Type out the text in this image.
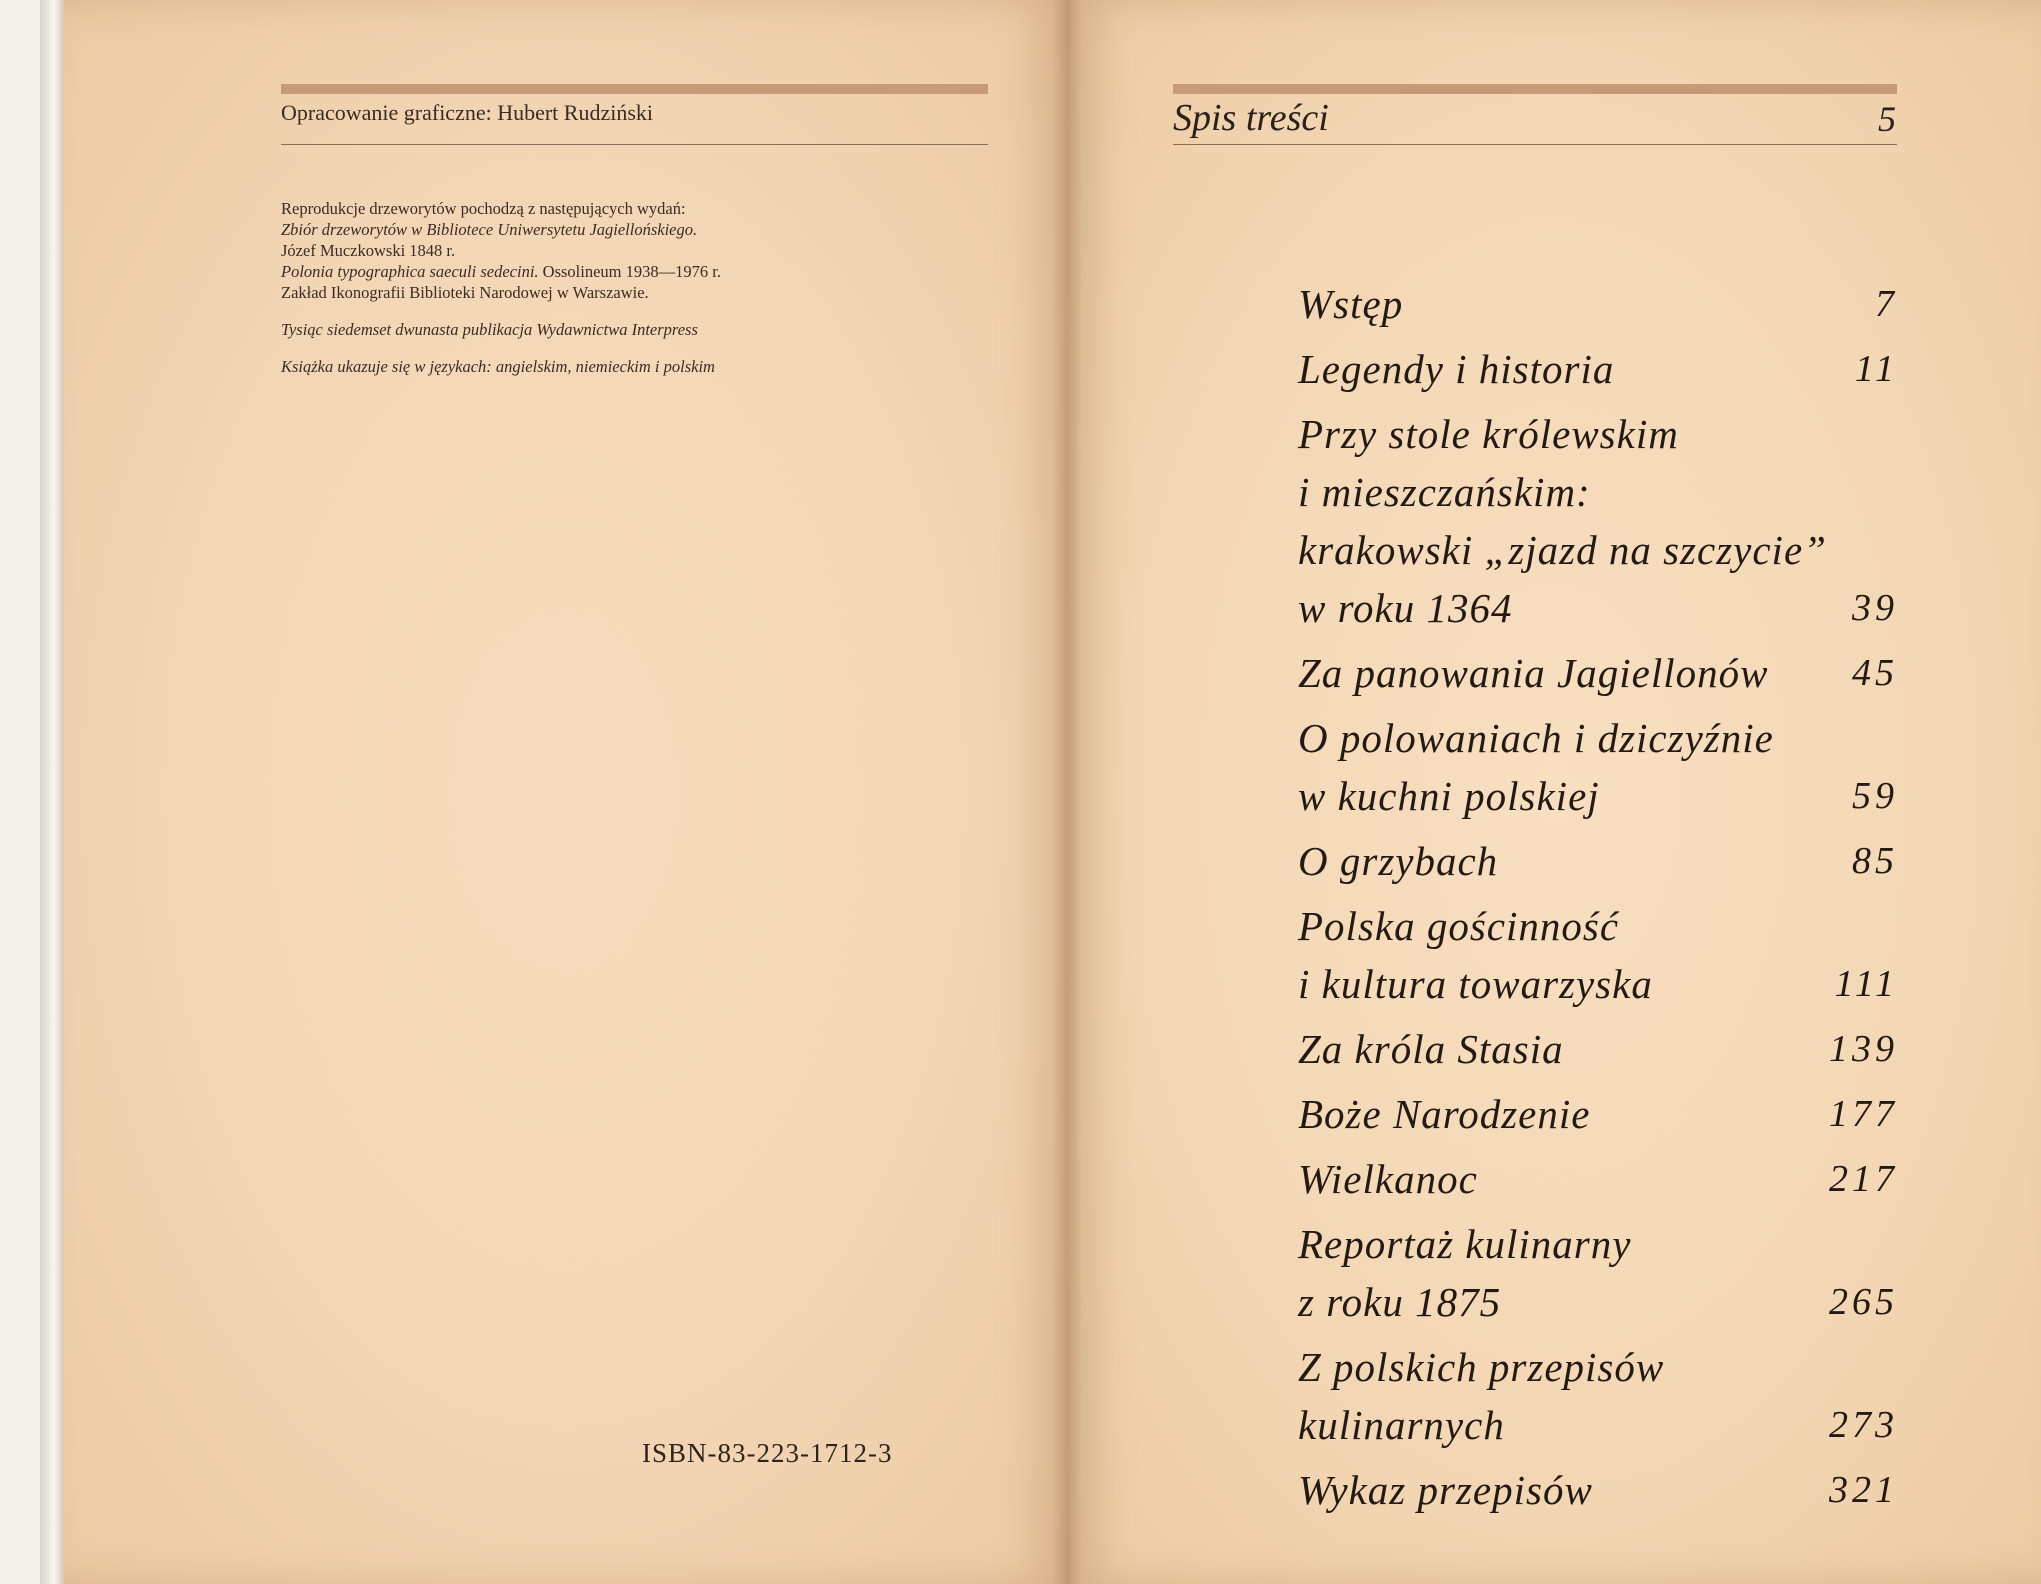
Opracowanie graficzne: Hubert Rudziński
Reprodukcje drzeworytów pochodzą z następujących wydań:
Zbiór drzeworytów w Bibliotece Uniwersytetu Jagiellońskiego.
Józef Muczkowski 1848 r.
Polonia typographica saeculi sedecini. Ossolineum 1938—1976 r.
Zakład Ikonografii Biblioteki Narodowej w Warszawie.
Tysiąc siedemset dwunasta publikacja Wydawnictwa Interpress
Książka ukazuje się w językach: angielskim, niemieckim i polskim
ISBN-83-223-1712-3
Spis treści	5
Wstęp	7
Legendy i historia	11
Przy stole królewskim
i mieszczańskim:
krakowski „zjazd na szczycie”
w roku 1364	39
Za panowania Jagiellonów	45
O polowaniach i dziczyźnie
w kuchni polskiej	59
O grzybach	85
Polska gościnność
i kultura towarzyska	111
Za króla Stasia	139
Boże Narodzenie	177
Wielkanoc	217
Reportaż kulinarny
z roku 1875	265
Z polskich przepisów
kulinarnych	273
Wykaz przepisów	321
